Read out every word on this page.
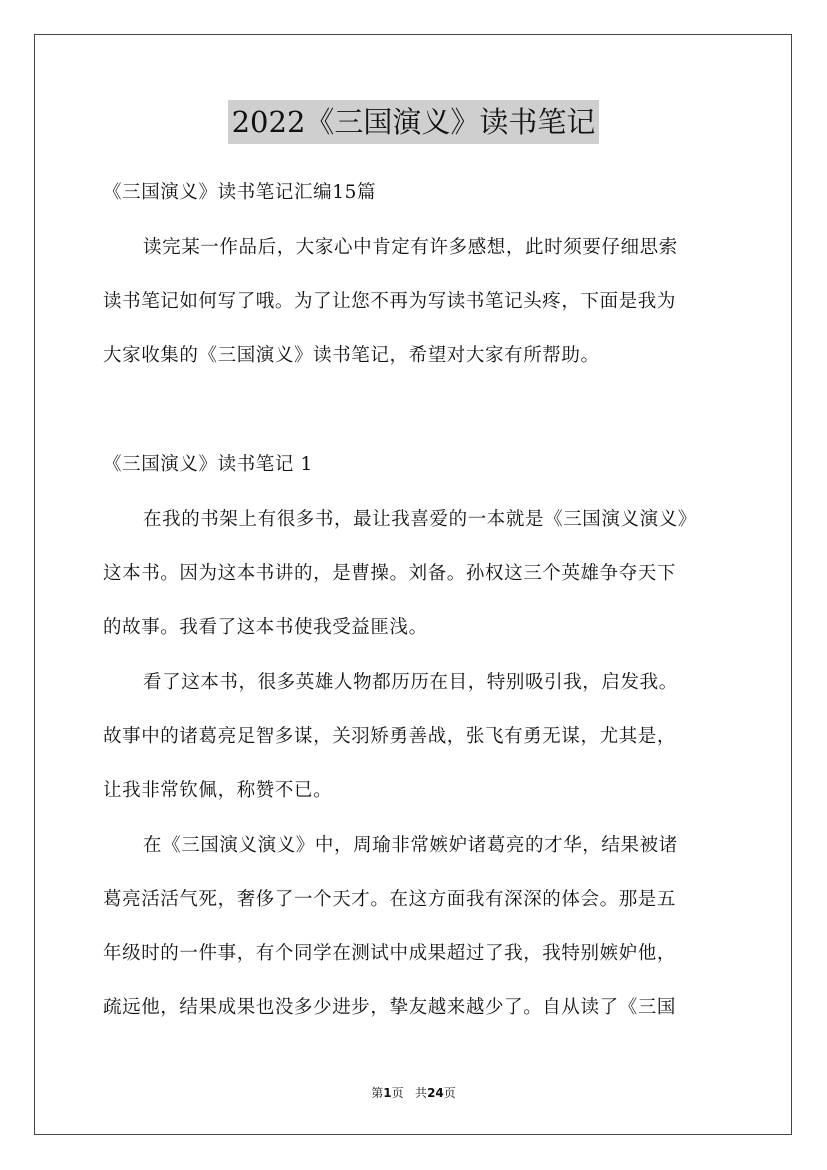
2022《三国演义》读书笔记
《三国演义》读书笔记汇编15篇
读完某一作品后，大家心中肯定有许多感想，此时须要仔细思索
读书笔记如何写了哦。为了让您不再为写读书笔记头疼，下面是我为
大家收集的《三国演义》读书笔记，希望对大家有所帮助。
《三国演义》读书笔记 1
在我的书架上有很多书，最让我喜爱的一本就是《三国演义演义》
这本书。因为这本书讲的，是曹操。刘备。孙权这三个英雄争夺天下
的故事。我看了这本书使我受益匪浅。
看了这本书，很多英雄人物都历历在目，特别吸引我，启发我。
故事中的诸葛亮足智多谋，关羽矫勇善战，张飞有勇无谋，尤其是，
让我非常钦佩，称赞不已。
在《三国演义演义》中，周瑜非常嫉妒诸葛亮的才华，结果被诸
葛亮活活气死，奢侈了一个天才。在这方面我有深深的体会。那是五
年级时的一件事，有个同学在测试中成果超过了我，我特别嫉妒他，
疏远他，结果成果也没多少进步，挚友越来越少了。自从读了《三国
第1页 共24页
